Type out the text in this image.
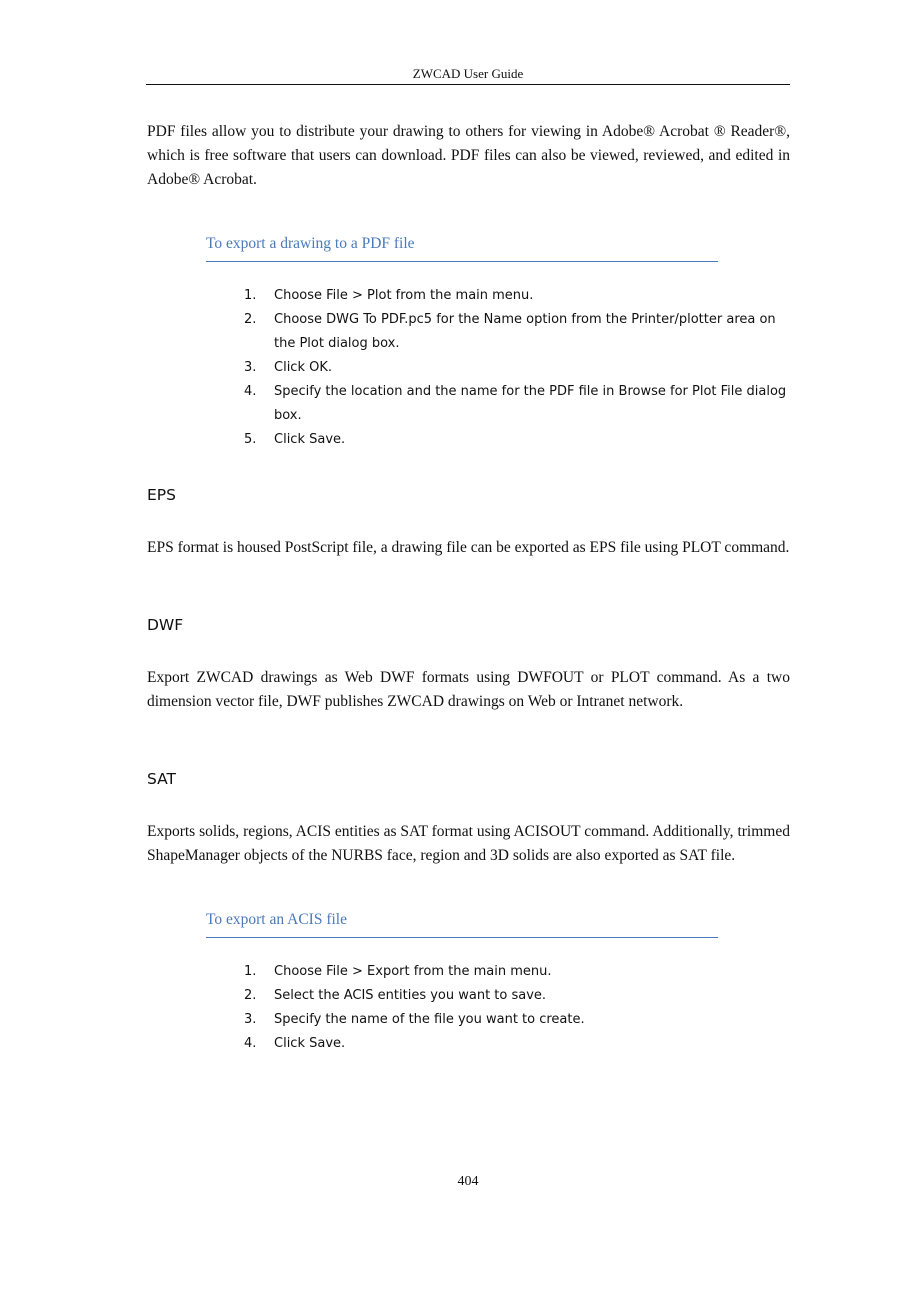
ZWCAD User Guide

PDF files allow you to distribute your drawing to others for viewing in Adobe® Acrobat ® Reader®, which is free software that users can download. PDF files can also be viewed, reviewed, and edited in Adobe® Acrobat.

To export a drawing to a PDF file
1.	Choose File > Plot from the main menu.
2.	Choose DWG To PDF.pc5 for the Name option from the Printer/plotter area on the Plot dialog box.
3.	Click OK.
4.	Specify the location and the name for the PDF file in Browse for Plot File dialog box.
5.	Click Save.
EPS

EPS format is housed PostScript file, a drawing file can be exported as EPS file using PLOT command.

DWF

Export ZWCAD drawings as Web DWF formats using DWFOUT or PLOT command. As a two dimension vector file, DWF publishes ZWCAD drawings on Web or Intranet network.

SAT

Exports solids, regions, ACIS entities as SAT format using ACISOUT command. Additionally, trimmed ShapeManager objects of the NURBS face, region and 3D solids are also exported as SAT file.

To export an ACIS file
1.	Choose File > Export from the main menu.
2.	Select the ACIS entities you want to save.
3.	Specify the name of the file you want to create.
4.	Click Save.
404
